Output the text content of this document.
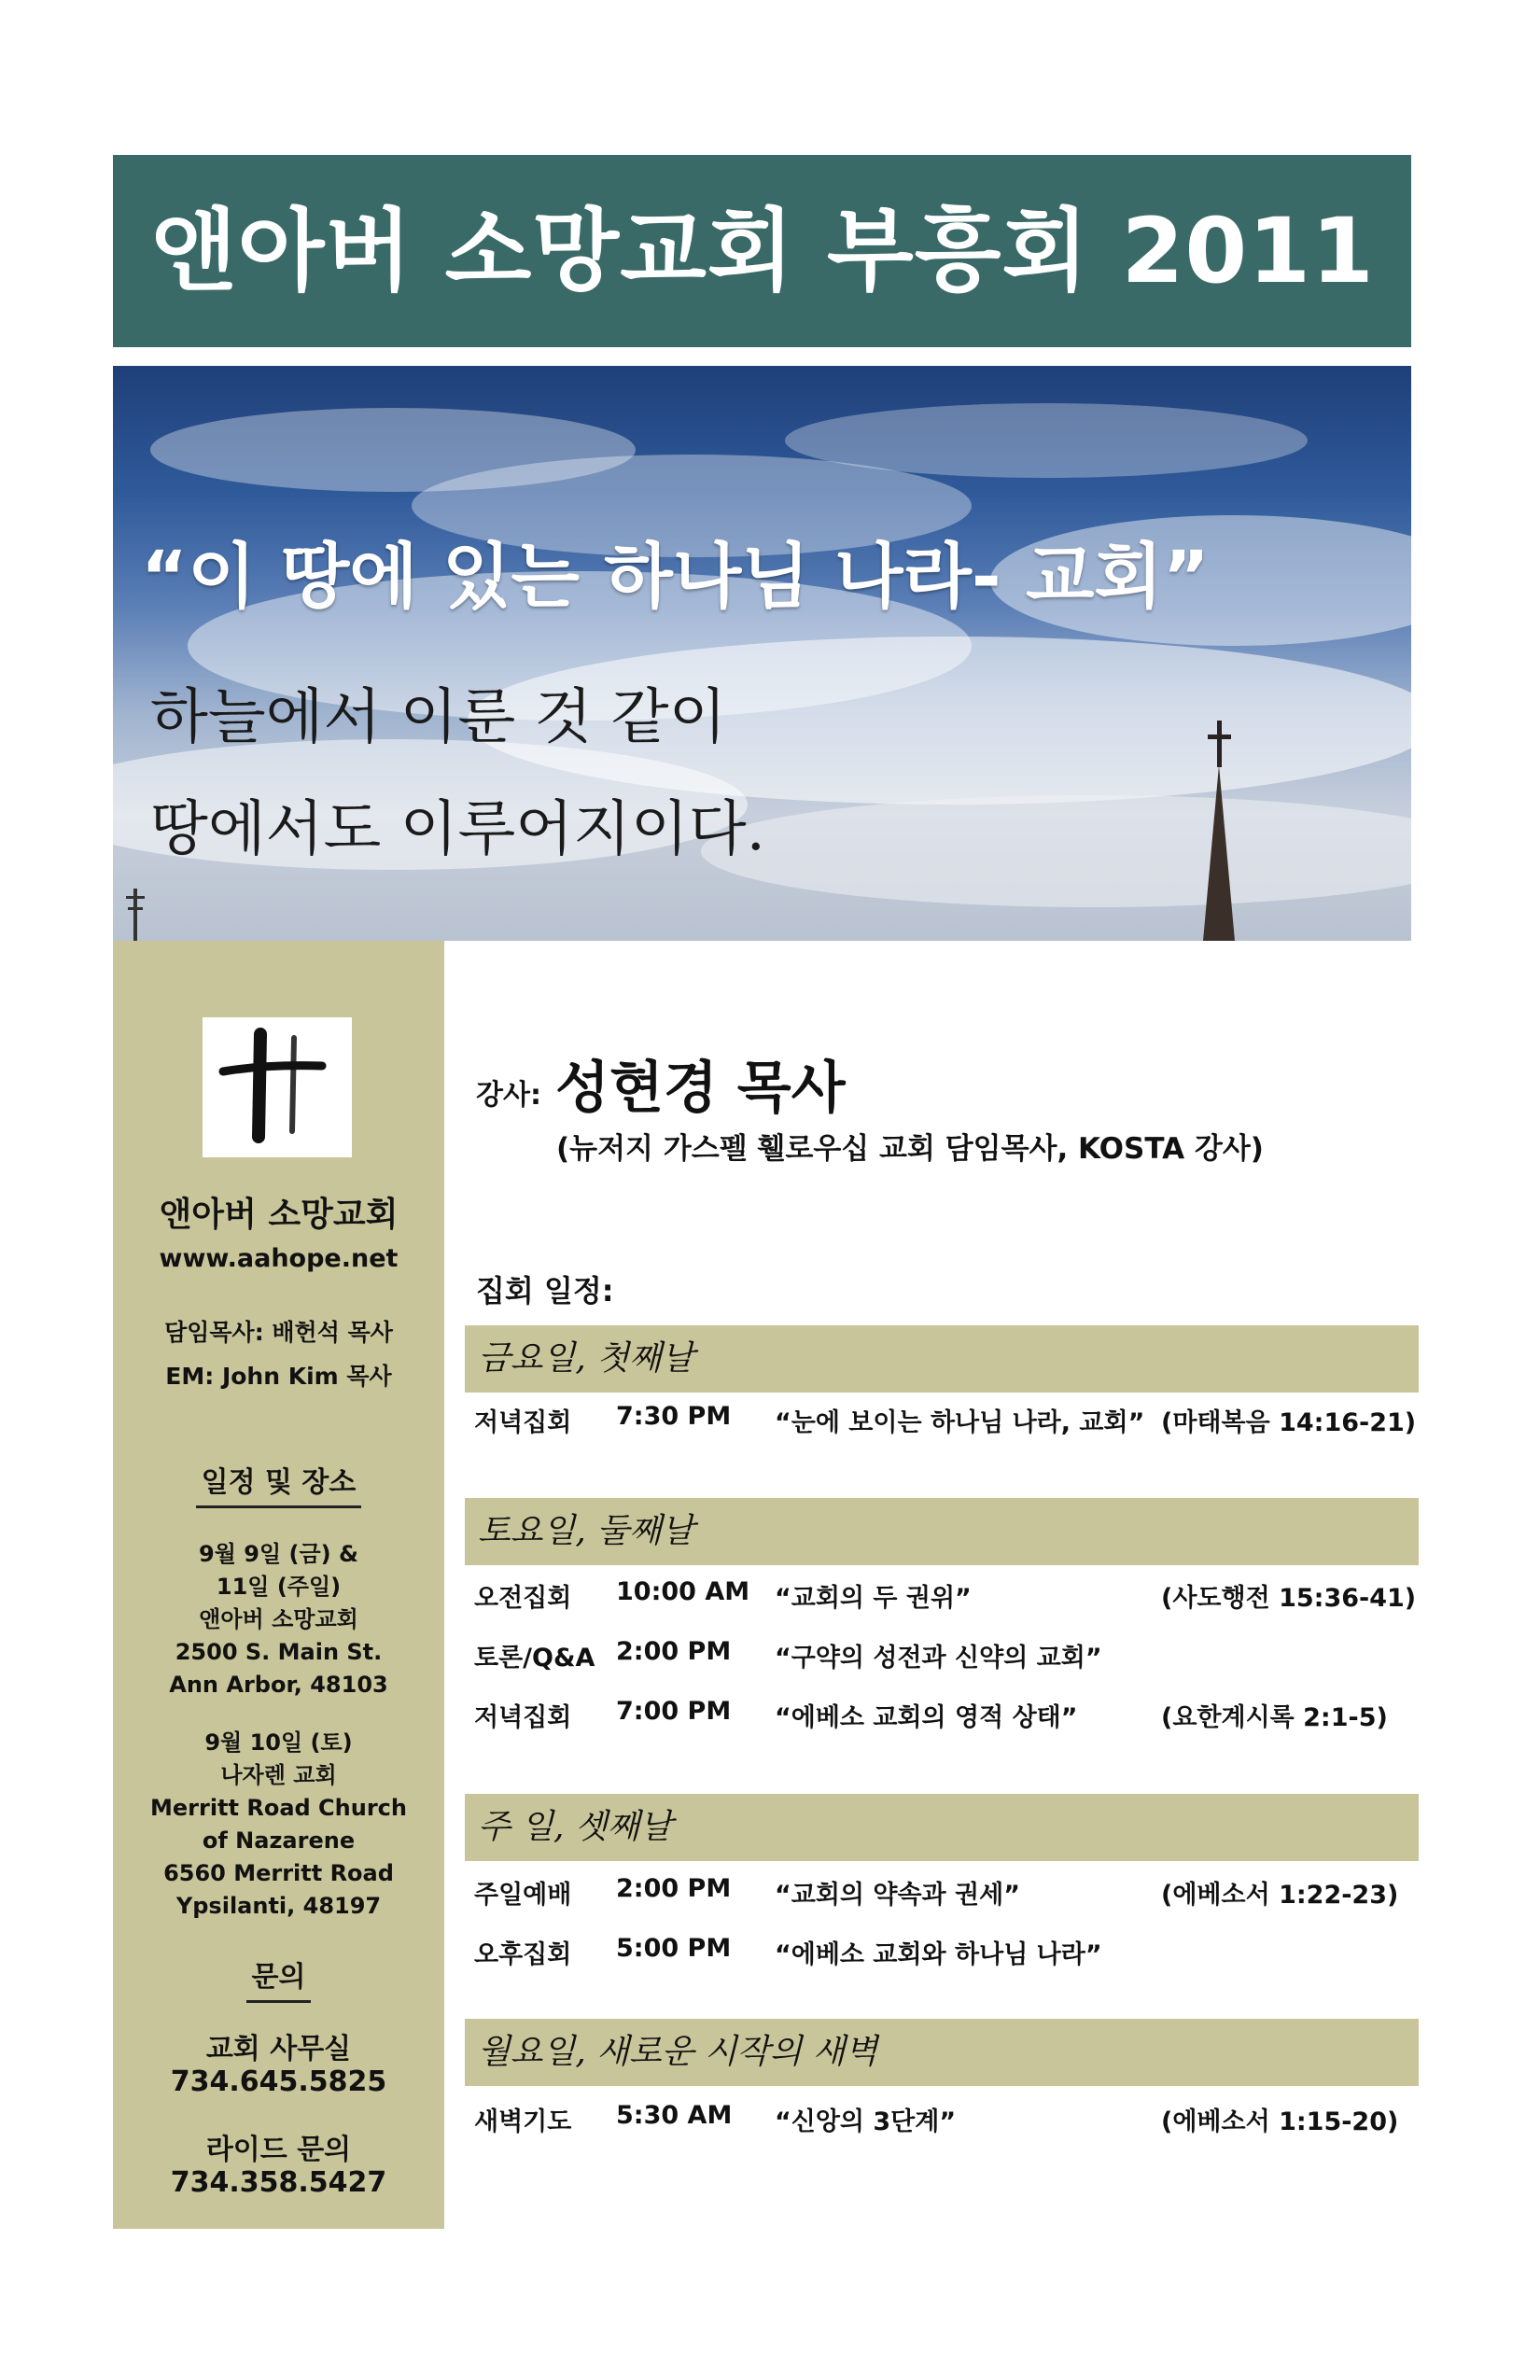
앤아버 소망교회 부흥회 2011
“이 땅에 있는 하나님 나라- 교회”
하늘에서 이룬 것 같이
땅에서도 이루어지이다.
앤아버 소망교회
www.aahope.net
담임목사: 배헌석 목사
EM: John Kim 목사
일정 및 장소
9월 9일 (금) &
11일 (주일)
앤아버 소망교회
2500 S. Main St.
Ann Arbor, 48103
9월 10일 (토)
나자렌 교회
Merritt Road Church
of Nazarene
6560 Merritt Road
Ypsilanti, 48197
문의
교회 사무실
734.645.5825
라이드 문의
734.358.5427
강사: 성현경 목사
(뉴저지 가스펠 휄로우십 교회 담임목사, KOSTA 강사)
집회 일정:
금요일, 첫째날
저녁집회 7:30 PM “눈에 보이는 하나님 나라, 교회” (마태복음 14:16-21)
토요일, 둘째날
오전집회 10:00 AM “교회의 두 권위”	(사도행전 15:36-41)
토론/Q&A 2:00 PM “구약의 성전과 신약의 교회”
저녁집회 7:00 PM “에베소 교회의 영적 상태”	(요한계시록 2:1-5)
주 일, 셋째날
주일예배 2:00 PM “교회의 약속과 권세”	(에베소서 1:22-23)
오후집회 5:00 PM “에베소 교회와 하나님 나라”
월요일, 새로운 시작의 새벽
새벽기도 5:30 AM “신앙의 3단계”	(에베소서 1:15-20)
